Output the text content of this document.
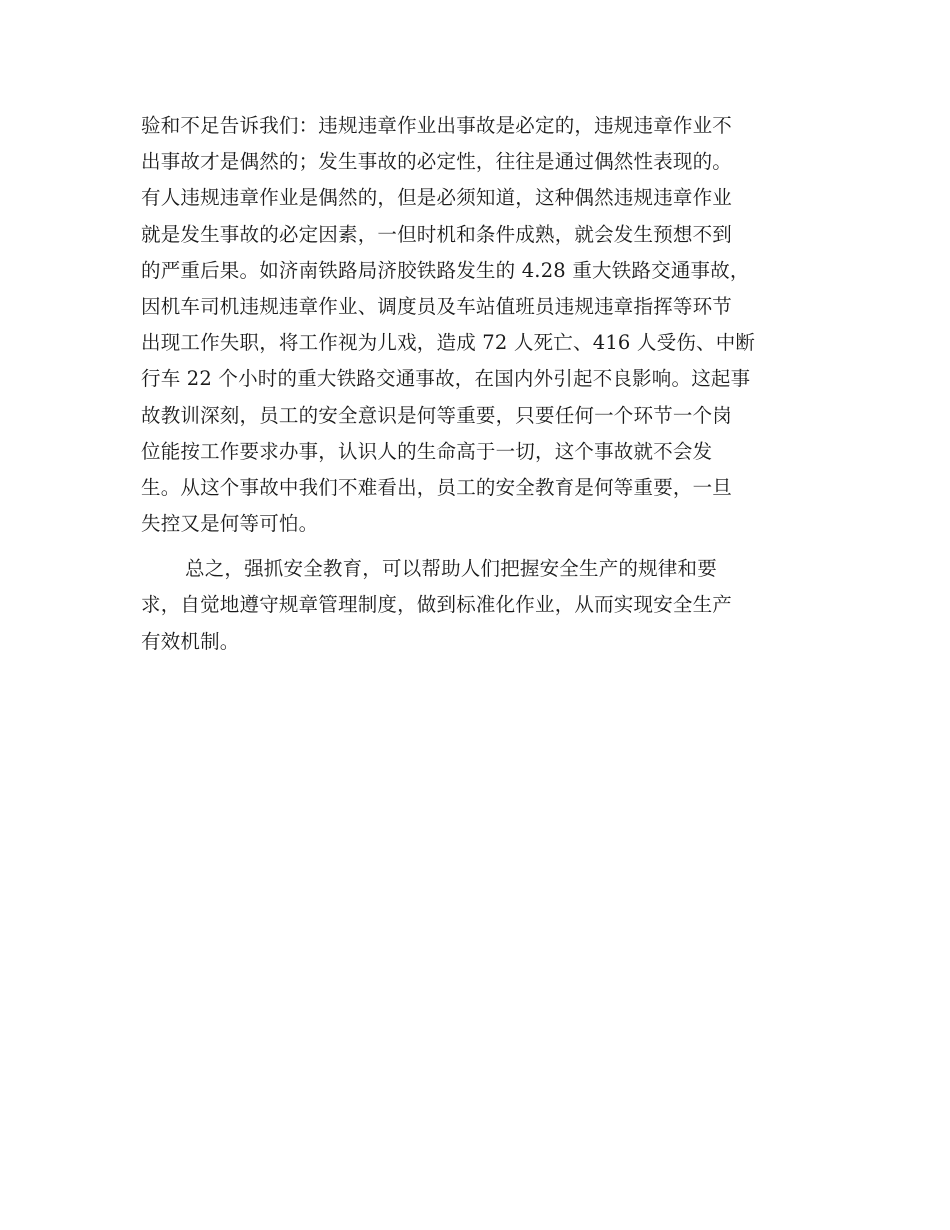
验和不足告诉我们：违规违章作业出事故是必定的，违规违章作业不
出事故才是偶然的；发生事故的必定性，往往是通过偶然性表现的。
有人违规违章作业是偶然的，但是必须知道，这种偶然违规违章作业
就是发生事故的必定因素，一但时机和条件成熟，就会发生预想不到
的严重后果。如济南铁路局济胶铁路发生的 4.28 重大铁路交通事故，
因机车司机违规违章作业、调度员及车站值班员违规违章指挥等环节
出现工作失职，将工作视为儿戏，造成 72 人死亡、416 人受伤、中断
行车 22 个小时的重大铁路交通事故，在国内外引起不良影响。这起事
故教训深刻，员工的安全意识是何等重要，只要任何一个环节一个岗
位能按工作要求办事，认识人的生命高于一切，这个事故就不会发
生。从这个事故中我们不难看出，员工的安全教育是何等重要，一旦
失控又是何等可怕。
总之，强抓安全教育，可以帮助人们把握安全生产的规律和要
求，自觉地遵守规章管理制度，做到标准化作业，从而实现安全生产
有效机制。
